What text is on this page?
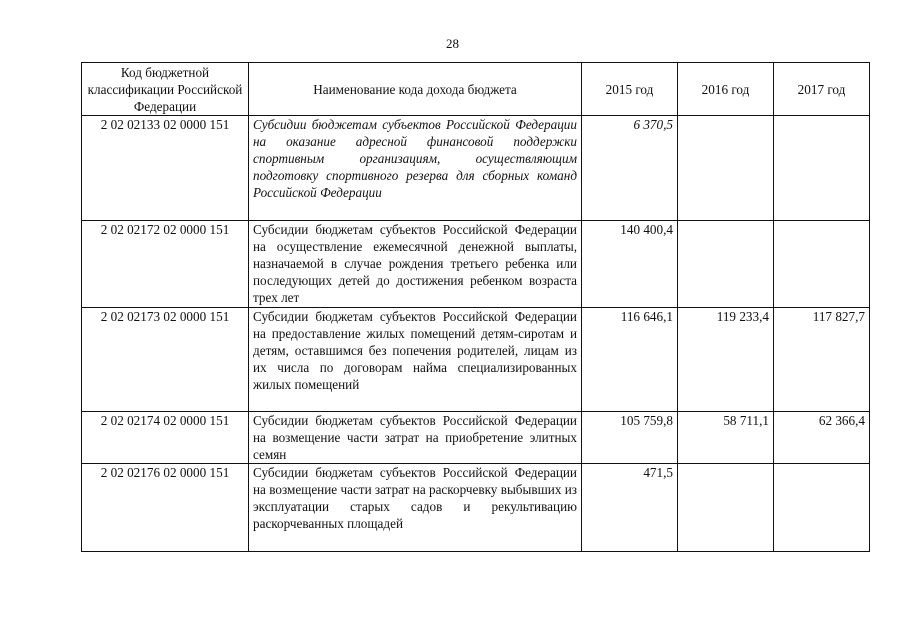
28
Код бюджетной классификации Российской Федерации	Наименование кода дохода бюджета	2015 год	2016 год	2017 год
2 02 02133 02 0000 151	Субсидии бюджетам субъектов Российской Федерации на оказание адресной финансовой поддержки спортивным организациям, осуществляющим подготовку спортивного резерва для сборных команд Российской Федерации	6 370,5		
2 02 02172 02 0000 151	Субсидии бюджетам субъектов Российской Федерации на осуществление ежемесячной денежной выплаты, назначаемой в случае рождения третьего ребенка или последующих детей до достижения ребенком возраста трех лет	140 400,4		
2 02 02173 02 0000 151	Субсидии бюджетам субъектов Российской Федерации на предоставление жилых помещений детям-сиротам и детям, оставшимся без попечения родителей, лицам из их числа по договорам найма специализированных жилых помещений	116 646,1	119 233,4	117 827,7
2 02 02174 02 0000 151	Субсидии бюджетам субъектов Российской Федерации на возмещение части затрат на приобретение элитных семян	105 759,8	58 711,1	62 366,4
2 02 02176 02 0000 151	Субсидии бюджетам субъектов Российской Федерации на возмещение части затрат на раскорчевку выбывших из эксплуатации старых садов и рекультивацию раскорчеванных площадей	471,5		
